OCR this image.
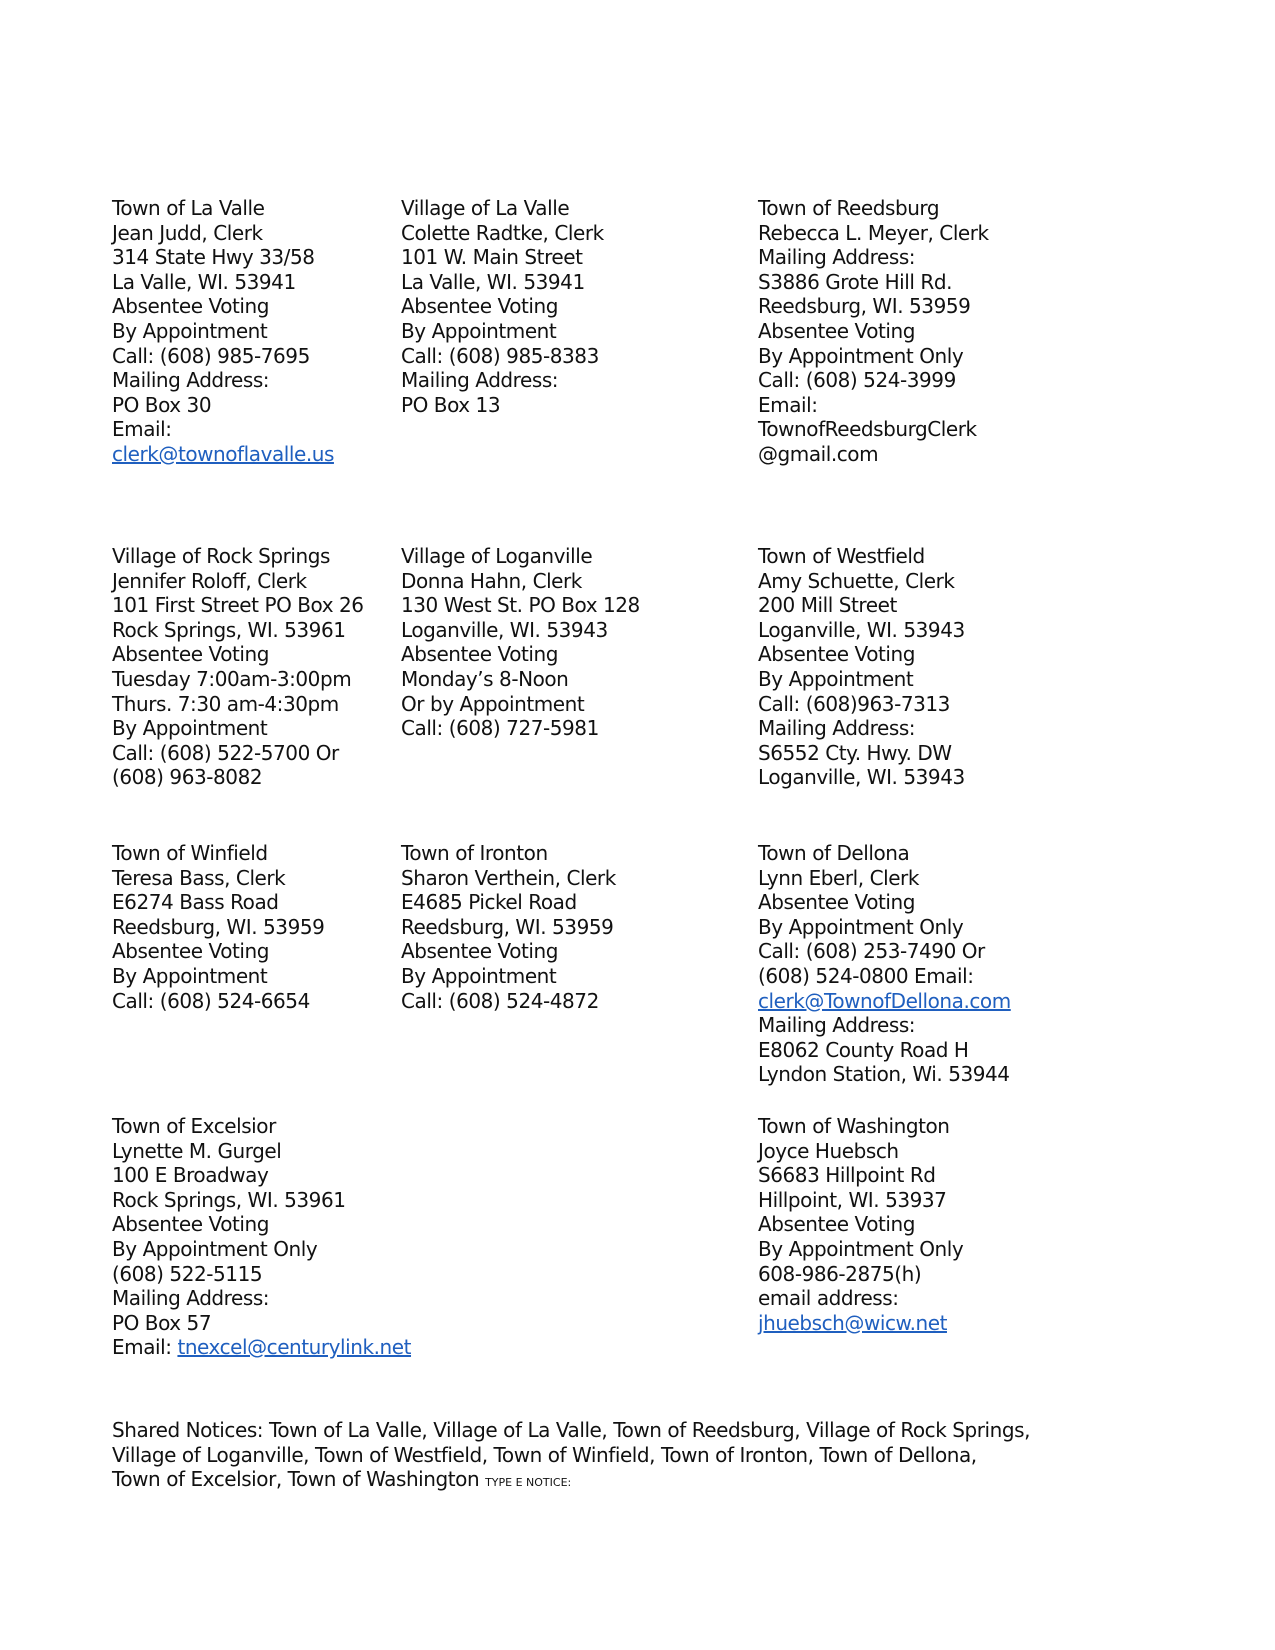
Town of La Valle
Jean Judd, Clerk
314 State Hwy 33/58
La Valle, WI. 53941
Absentee Voting
By Appointment
Call: (608) 985-7695
Mailing Address:
PO Box 30
Email:
clerk@townoflavalle.us
Village of La Valle
Colette Radtke, Clerk
101 W. Main Street
La Valle, WI. 53941
Absentee Voting
By Appointment
Call: (608) 985-8383
Mailing Address:
PO Box 13
Town of Reedsburg
Rebecca L. Meyer, Clerk
Mailing Address:
S3886 Grote Hill Rd.
Reedsburg, WI. 53959
Absentee Voting
By Appointment Only
Call: (608) 524-3999
Email:
TownofReedsburgClerk
@gmail.com
Village of Rock Springs
Jennifer Roloff, Clerk
101 First Street PO Box 26
Rock Springs, WI. 53961
Absentee Voting
Tuesday 7:00am-3:00pm
Thurs. 7:30 am-4:30pm
By Appointment
Call: (608) 522-5700 Or
(608) 963-8082
Village of Loganville
Donna Hahn, Clerk
130 West St. PO Box 128
Loganville, WI. 53943
Absentee Voting
Monday’s 8-Noon
Or by Appointment
Call: (608) 727-5981
Town of Westfield
Amy Schuette, Clerk
200 Mill Street
Loganville, WI. 53943
Absentee Voting
By Appointment
Call: (608)963-7313
Mailing Address:
S6552 Cty. Hwy. DW
Loganville, WI. 53943
Town of Winfield
Teresa Bass, Clerk
E6274 Bass Road
Reedsburg, WI. 53959
Absentee Voting
By Appointment
Call: (608) 524-6654
Town of Ironton
Sharon Verthein, Clerk
E4685 Pickel Road
Reedsburg, WI. 53959
Absentee Voting
By Appointment
Call: (608) 524-4872
Town of Dellona
Lynn Eberl, Clerk
Absentee Voting
By Appointment Only
Call: (608) 253-7490 Or
(608) 524-0800 Email:
clerk@TownofDellona.com
Mailing Address:
E8062 County Road H
Lyndon Station, Wi. 53944
Town of Excelsior
Lynette M. Gurgel
100 E Broadway
Rock Springs, WI. 53961
Absentee Voting
By Appointment Only
(608) 522-5115
Mailing Address:
PO Box 57
Email: tnexcel@centurylink.net
Town of Washington
Joyce Huebsch
S6683 Hillpoint Rd
Hillpoint, WI. 53937
Absentee Voting
By Appointment Only
608-986-2875(h)
email address:
jhuebsch@wicw.net
Shared Notices: Town of La Valle, Village of La Valle, Town of Reedsburg, Village of Rock Springs,
Village of Loganville, Town of Westfield, Town of Winfield, Town of Ironton, Town of Dellona,
Town of Excelsior, Town of Washington TYPE E NOTICE:
